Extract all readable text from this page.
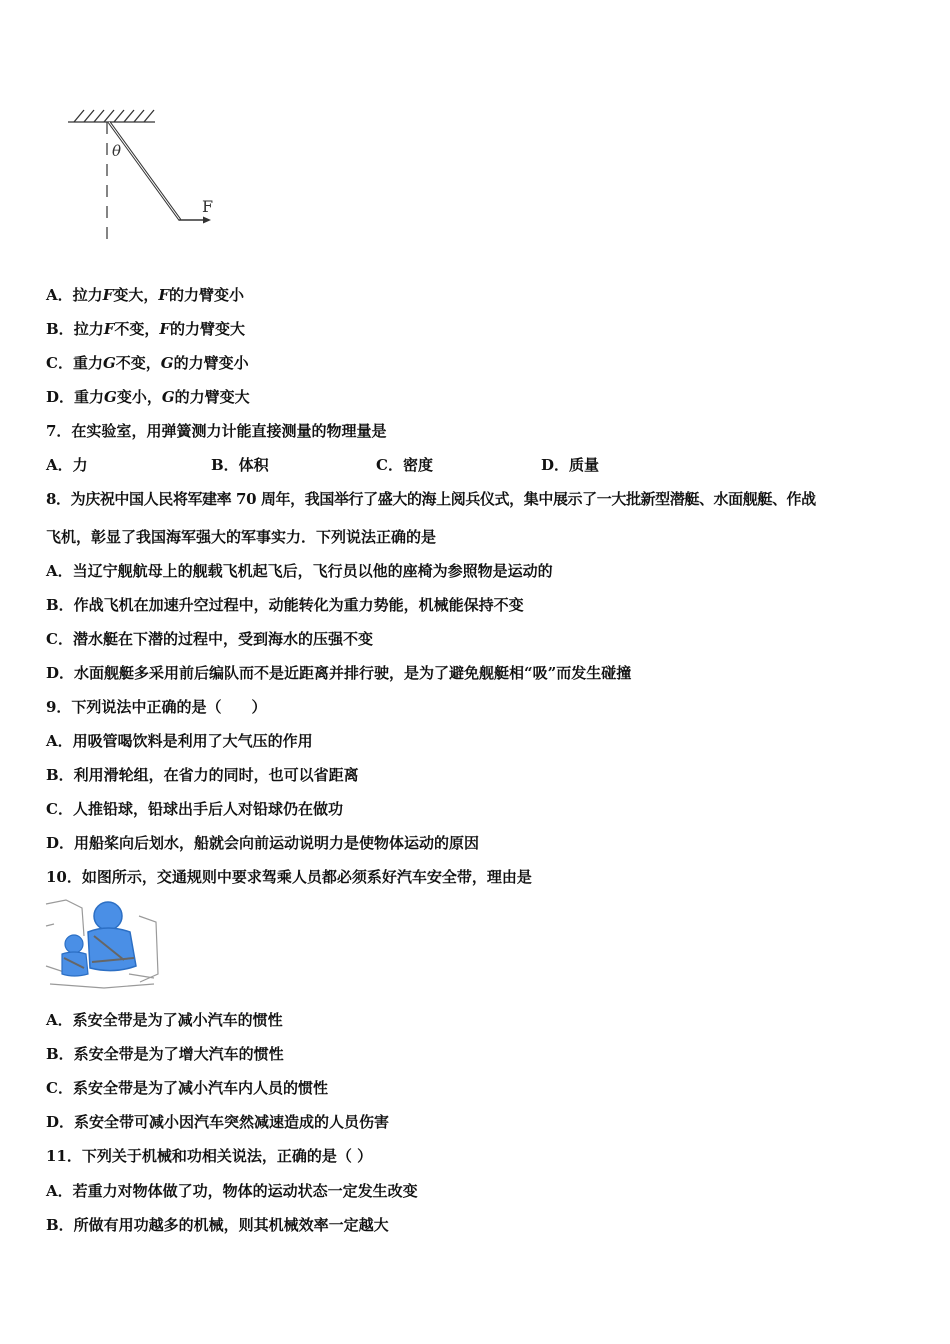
θ
F
A．拉力F变大，F的力臂变小
B．拉力F不变，F的力臂变大
C．重力G不变，G的力臂变小
D．重力G变小，G的力臂变大
7．在实验室，用弹簧测力计能直接测量的物理量是
A．力	B．体积	C．密度	D．质量
8．为庆祝中国人民将军建率 70 周年，我国举行了盛大的海上阅兵仪式，集中展示了一大批新型潜艇、水面舰艇、作战
飞机，彰显了我国海军强大的军事实力．下列说法正确的是
A．当辽宁舰航母上的舰载飞机起飞后，飞行员以他的座椅为参照物是运动的
B．作战飞机在加速升空过程中，动能转化为重力势能，机械能保持不变
C．潜水艇在下潜的过程中，受到海水的压强不变
D．水面舰艇多采用前后编队而不是近距离并排行驶，是为了避免舰艇相“吸”而发生碰撞
9．下列说法中正确的是（　　）
A．用吸管喝饮料是利用了大气压的作用
B．利用滑轮组，在省力的同时，也可以省距离
C．人推铅球，铅球出手后人对铅球仍在做功
D．用船桨向后划水，船就会向前运动说明力是使物体运动的原因
10．如图所示，交通规则中要求驾乘人员都必须系好汽车安全带，理由是
A．系安全带是为了减小汽车的惯性
B．系安全带是为了增大汽车的惯性
C．系安全带是为了减小汽车内人员的惯性
D．系安全带可减小因汽车突然减速造成的人员伤害
11．下列关于机械和功相关说法，正确的是（ ）
A．若重力对物体做了功，物体的运动状态一定发生改变
B．所做有用功越多的机械，则其机械效率一定越大
